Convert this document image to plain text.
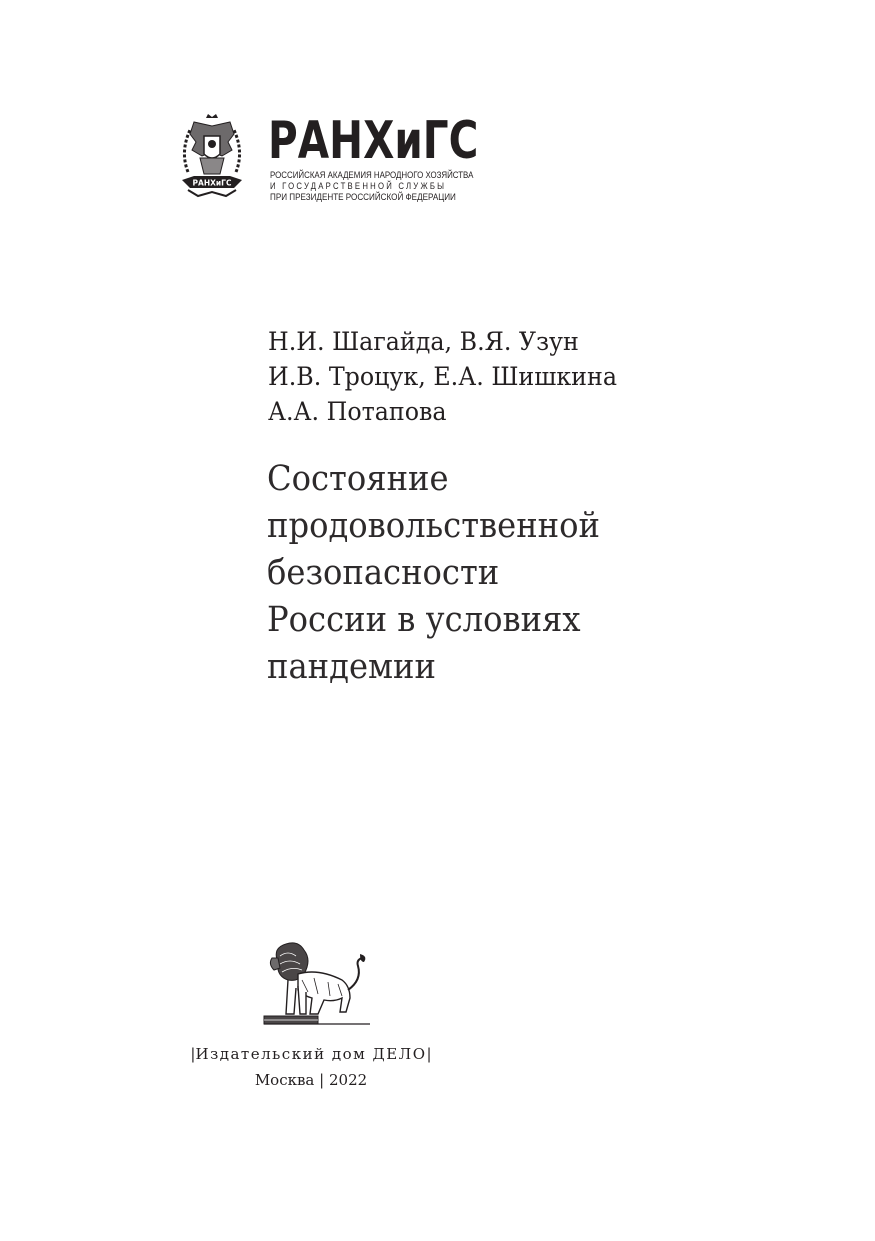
РАНХиГС
РАНХиГС

РОССИЙСКАЯ АКАДЕМИЯ НАРОДНОГО ХОЗЯЙСТВА

И ГОСУДАРСТВЕННОЙ СЛУЖБЫ

ПРИ ПРЕЗИДЕНТЕ РОССИЙСКОЙ ФЕДЕРАЦИИ

Н.И. Шагайда, В.Я. Узун
И.В. Троцук, Е.А. Шишкина
А.А. Потапова
Состояние
продовольственной
безопасности
России в условиях
пандемии
|Издательский дом ДЕЛО|
Москва | 2022
